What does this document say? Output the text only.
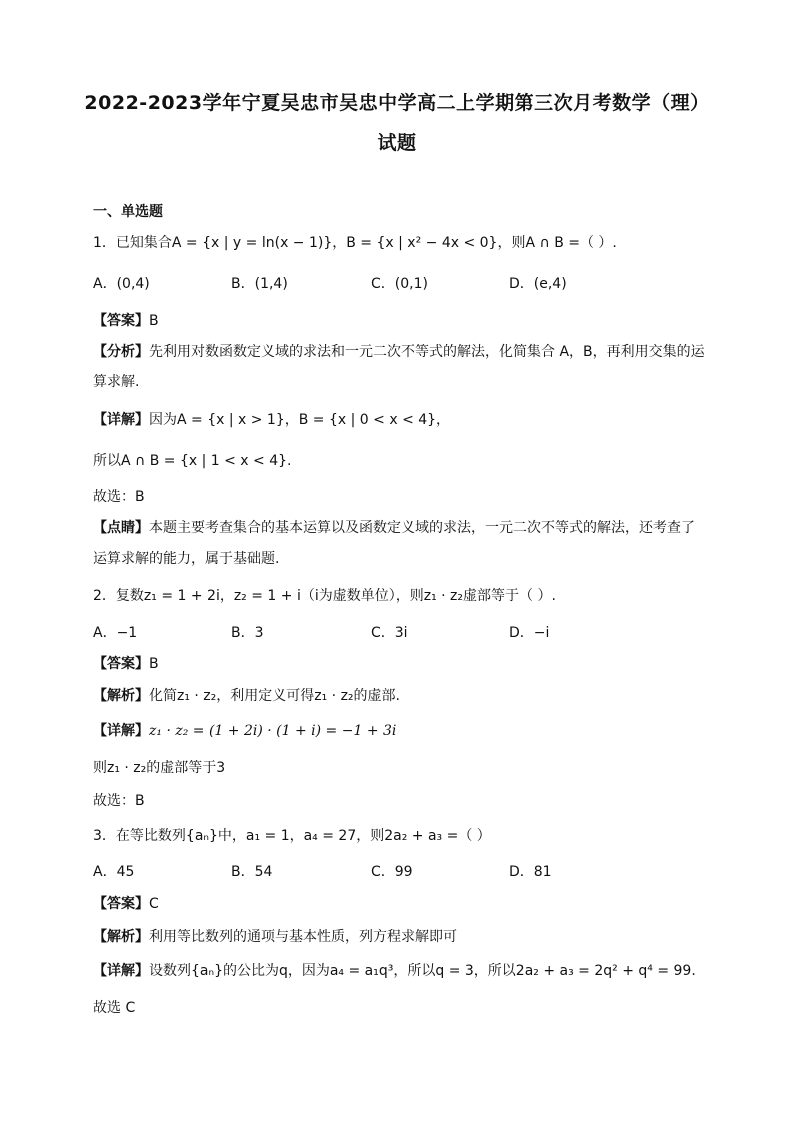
2022-2023学年宁夏吴忠市吴忠中学高二上学期第三次月考数学（理）
试题
一、单选题
1．已知集合A = {x | y = ln(x − 1)}，B = {x | x² − 4x < 0}，则A ∩ B =（ ）.
A．(0,4)	B．(1,4)	C．(0,1)	D．(e,4)
【答案】B
【分析】先利用对数函数定义域的求法和一元二次不等式的解法，化简集合 A，B，再利用交集的运
算求解.
【详解】因为A = {x | x > 1}，B = {x | 0 < x < 4}，
所以A ∩ B = {x | 1 < x < 4}.
故选：B
【点睛】本题主要考查集合的基本运算以及函数定义域的求法，一元二次不等式的解法，还考查了
运算求解的能力，属于基础题.
2．复数z₁ = 1 + 2i，z₂ = 1 + i（i为虚数单位），则z₁ · z₂虚部等于（ ）.
A．−1	B．3	C．3i	D．−i
【答案】B
【解析】化简z₁ · z₂，利用定义可得z₁ · z₂的虚部.
【详解】z₁ · z₂ = (1 + 2i) · (1 + i) = −1 + 3i
则z₁ · z₂的虚部等于3
故选：B
3．在等比数列{aₙ}中，a₁ = 1，a₄ = 27，则2a₂ + a₃ =（ ）
A．45	B．54	C．99	D．81
【答案】C
【解析】利用等比数列的通项与基本性质，列方程求解即可
【详解】设数列{aₙ}的公比为q，因为a₄ = a₁q³，所以q = 3，所以2a₂ + a₃ = 2q² + q⁴ = 99.
故选 C
